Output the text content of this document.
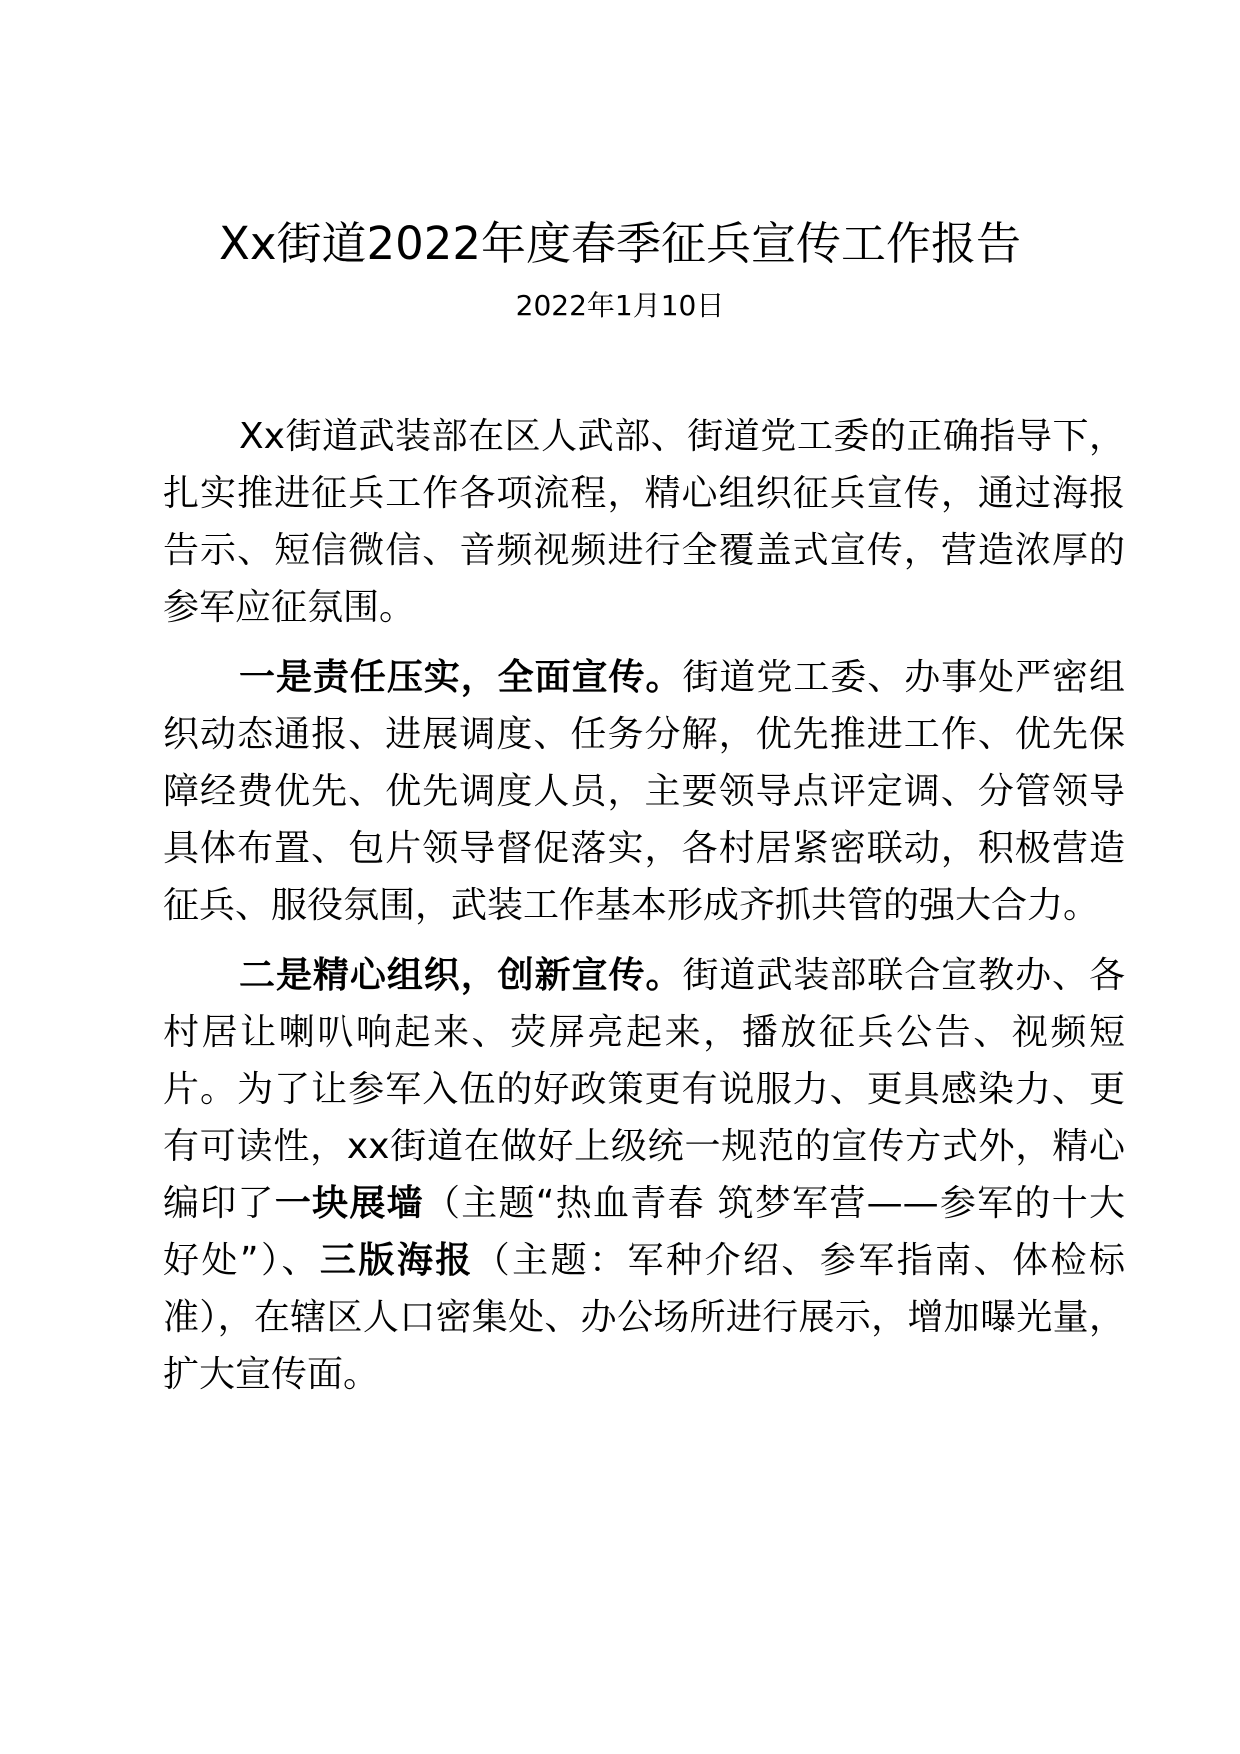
Xx街道2022年度春季征兵宣传工作报告
2022年1月10日

Xx街道武装部在区人武部、街道党工委的正确指导下，扎实推进征兵工作各项流程，精心组织征兵宣传，通过海报告示、短信微信、音频视频进行全覆盖式宣传，营造浓厚的参军应征氛围。

一是责任压实，全面宣传。街道党工委、办事处严密组织动态通报、进展调度、任务分解，优先推进工作、优先保障经费优先、优先调度人员，主要领导点评定调、分管领导具体布置、包片领导督促落实，各村居紧密联动，积极营造征兵、服役氛围，武装工作基本形成齐抓共管的强大合力。

二是精心组织，创新宣传。街道武装部联合宣教办、各村居让喇叭响起来、荧屏亮起来，播放征兵公告、视频短片。为了让参军入伍的好政策更有说服力、更具感染力、更有可读性，xx街道在做好上级统一规范的宣传方式外，精心编印了一块展墙（主题“热血青春 筑梦军营——参军的十大好处”）、三版海报（主题：军种介绍、参军指南、体检标准），在辖区人口密集处、办公场所进行展示，增加曝光量，扩大宣传面。
